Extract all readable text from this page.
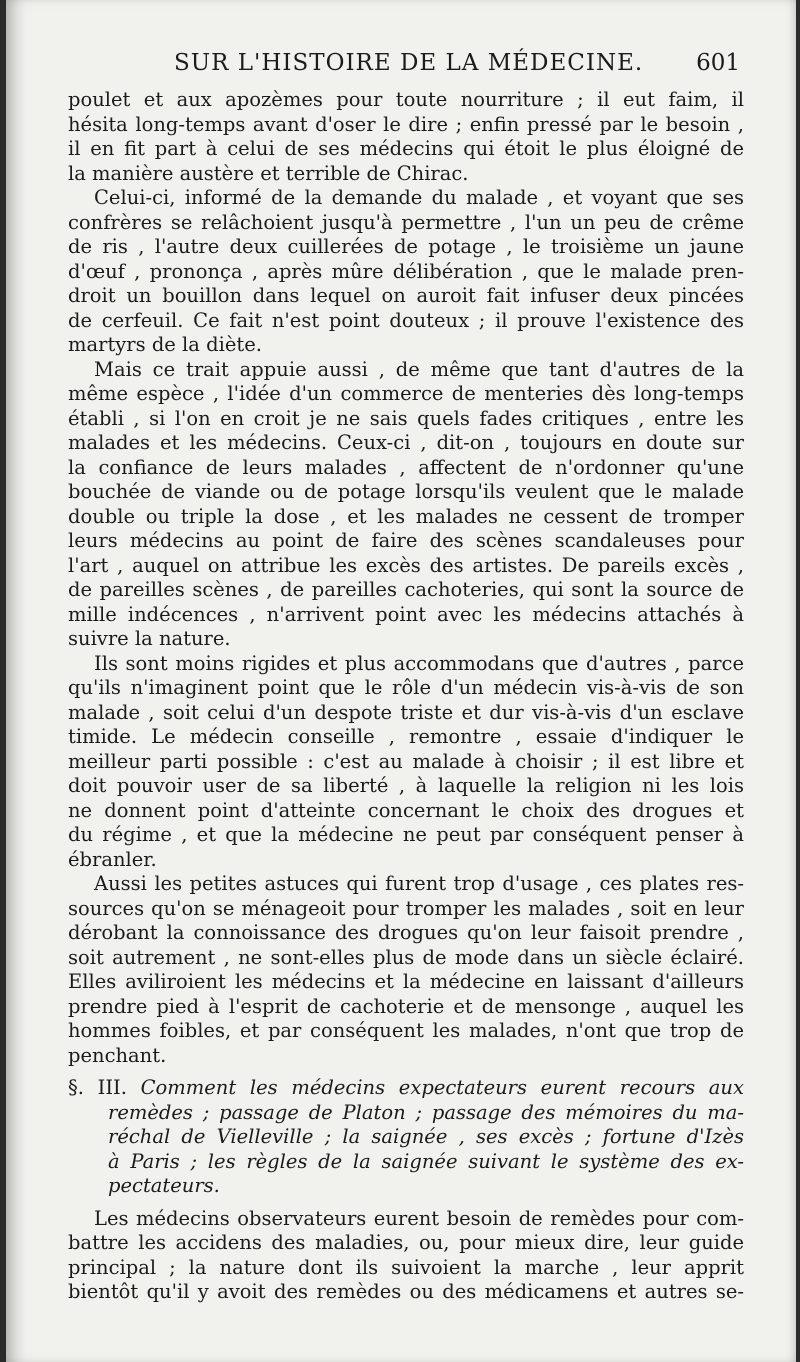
SUR L'HISTOIRE DE LA MÉDECINE. 601
poulet et aux apozèmes pour toute nourriture ; il eut faim, il
hésita long-temps avant d'oser le dire ; enfin pressé par le besoin ,
il en fit part à celui de ses médecins qui étoit le plus éloigné de
la manière austère et terrible de Chirac.
Celui-ci, informé de la demande du malade , et voyant que ses
confrères se relâchoient jusqu'à permettre , l'un un peu de crême
de ris , l'autre deux cuillerées de potage , le troisième un jaune
d'œuf , prononça , après mûre délibération , que le malade pren-
droit un bouillon dans lequel on auroit fait infuser deux pincées
de cerfeuil. Ce fait n'est point douteux ; il prouve l'existence des
martyrs de la diète.
Mais ce trait appuie aussi , de même que tant d'autres de la
même espèce , l'idée d'un commerce de menteries dès long-temps
établi , si l'on en croit je ne sais quels fades critiques , entre les
malades et les médecins. Ceux-ci , dit-on , toujours en doute sur
la confiance de leurs malades , affectent de n'ordonner qu'une
bouchée de viande ou de potage lorsqu'ils veulent que le malade
double ou triple la dose , et les malades ne cessent de tromper
leurs médecins au point de faire des scènes scandaleuses pour
l'art , auquel on attribue les excès des artistes. De pareils excès ,
de pareilles scènes , de pareilles cachoteries, qui sont la source de
mille indécences , n'arrivent point avec les médecins attachés à
suivre la nature.
Ils sont moins rigides et plus accommodans que d'autres , parce
qu'ils n'imaginent point que le rôle d'un médecin vis-à-vis de son
malade , soit celui d'un despote triste et dur vis-à-vis d'un esclave
timide. Le médecin conseille , remontre , essaie d'indiquer le
meilleur parti possible : c'est au malade à choisir ; il est libre et
doit pouvoir user de sa liberté , à laquelle la religion ni les lois
ne donnent point d'atteinte concernant le choix des drogues et
du régime , et que la médecine ne peut par conséquent penser à
ébranler.
Aussi les petites astuces qui furent trop d'usage , ces plates res-
sources qu'on se ménageoit pour tromper les malades , soit en leur
dérobant la connoissance des drogues qu'on leur faisoit prendre ,
soit autrement , ne sont-elles plus de mode dans un siècle éclairé.
Elles aviliroient les médecins et la médecine en laissant d'ailleurs
prendre pied à l'esprit de cachoterie et de mensonge , auquel les
hommes foibles, et par conséquent les malades, n'ont que trop de
penchant.
§. III. Comment les médecins expectateurs eurent recours aux
remèdes ; passage de Platon ; passage des mémoires du ma-
réchal de Vielleville ; la saignée , ses excès ; fortune d'Izès
à Paris ; les règles de la saignée suivant le système des ex-
pectateurs.
Les médecins observateurs eurent besoin de remèdes pour com-
battre les accidens des maladies, ou, pour mieux dire, leur guide
principal ; la nature dont ils suivoient la marche , leur apprit
bientôt qu'il y avoit des remèdes ou des médicamens et autres se-
